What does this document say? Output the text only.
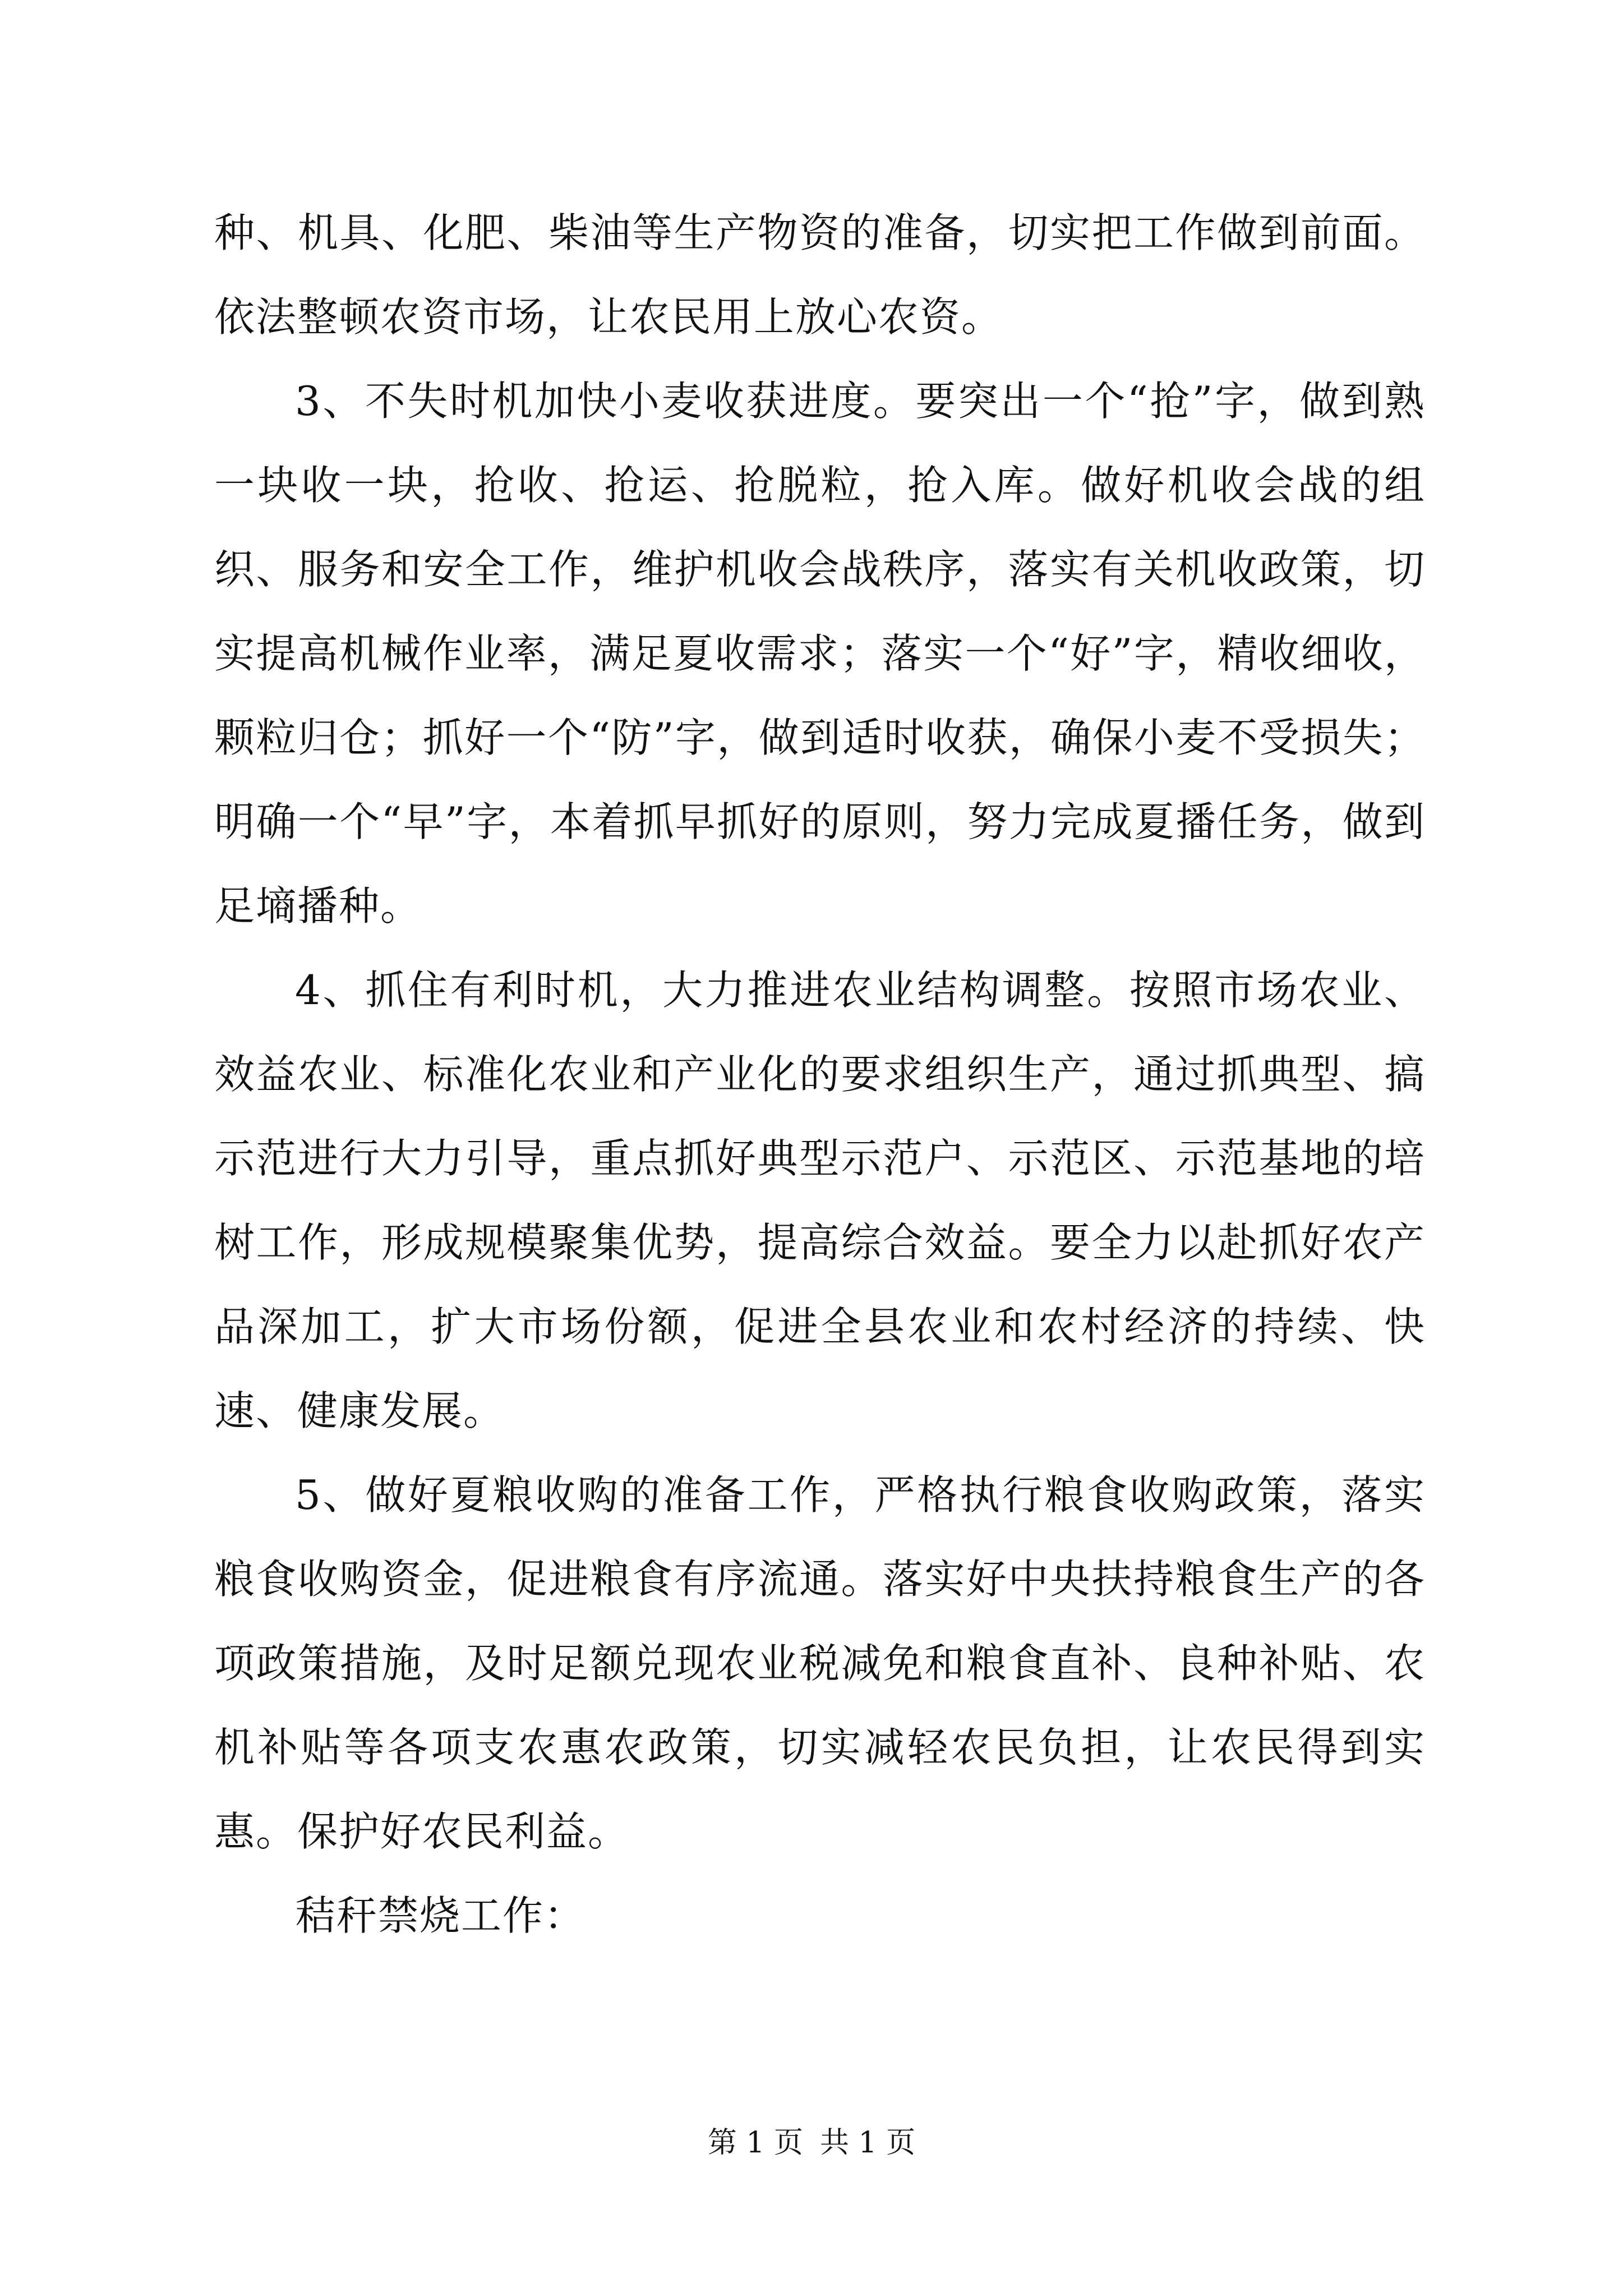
种、机具、化肥、柴油等生产物资的准备，切实把工作做到前面。依法整顿农资市场，让农民用上放心农资。

3、不失时机加快小麦收获进度。要突出一个“抢”字，做到熟一块收一块，抢收、抢运、抢脱粒，抢入库。做好机收会战的组织、服务和安全工作，维护机收会战秩序，落实有关机收政策，切实提高机械作业率，满足夏收需求；落实一个“好”字，精收细收，颗粒归仓；抓好一个“防”字，做到适时收获，确保小麦不受损失；明确一个“早”字，本着抓早抓好的原则，努力完成夏播任务，做到足墒播种。

4、抓住有利时机，大力推进农业结构调整。按照市场农业、效益农业、标准化农业和产业化的要求组织生产，通过抓典型、搞示范进行大力引导，重点抓好典型示范户、示范区、示范基地的培树工作，形成规模聚集优势，提高综合效益。要全力以赴抓好农产品深加工，扩大市场份额，促进全县农业和农村经济的持续、快速、健康发展。

5、做好夏粮收购的准备工作，严格执行粮食收购政策，落实粮食收购资金，促进粮食有序流通。落实好中央扶持粮食生产的各项政策措施，及时足额兑现农业税减免和粮食直补、良种补贴、农机补贴等各项支农惠农政策，切实减轻农民负担，让农民得到实惠。保护好农民利益。

秸秆禁烧工作：

第 1 页 共 1 页
